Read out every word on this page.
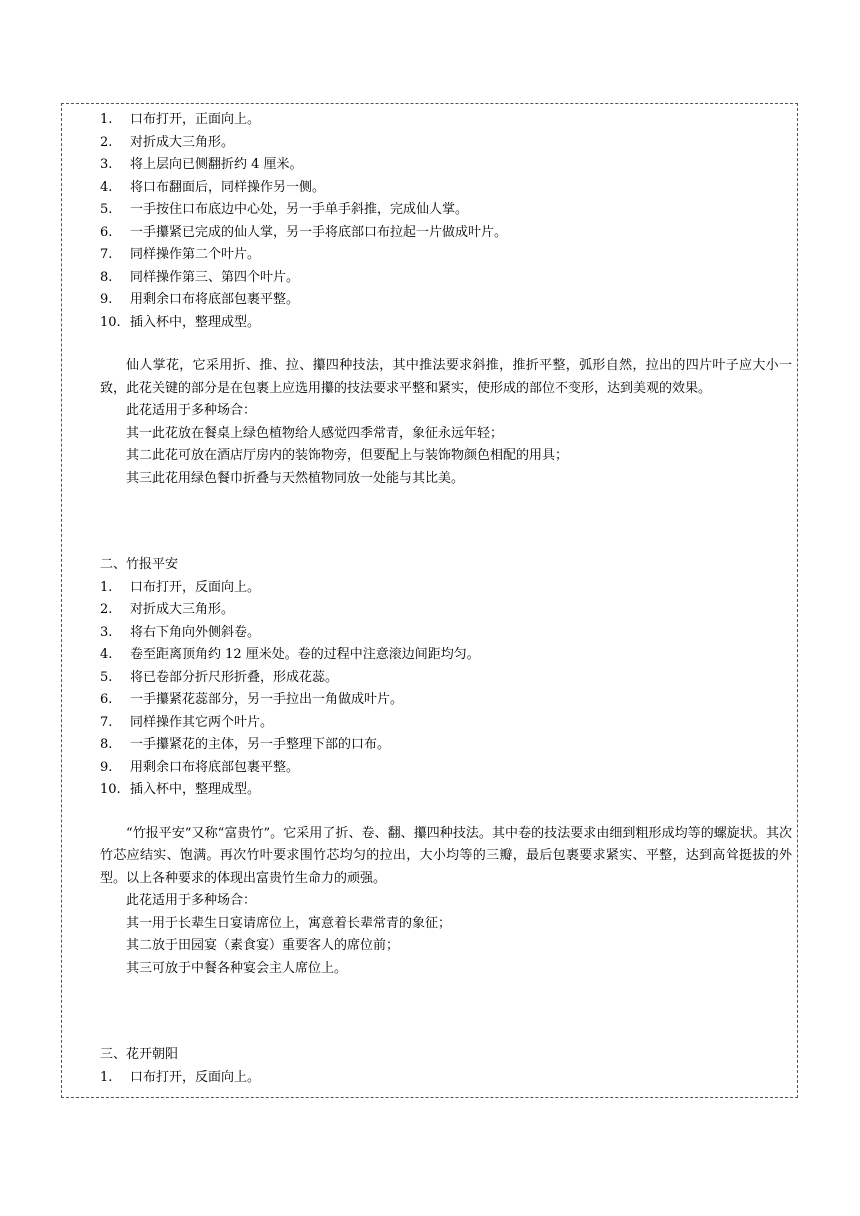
1.	口布打开，正面向上。
2.	对折成大三角形。
3.	将上层向已侧翻折约 4 厘米。
4.	将口布翻面后，同样操作另一侧。
5.	一手按住口布底边中心处，另一手单手斜推，完成仙人掌。
6.	一手攥紧已完成的仙人掌，另一手将底部口布拉起一片做成叶片。
7.	同样操作第二个叶片。
8.	同样操作第三、第四个叶片。
9.	用剩余口布将底部包裹平整。
10. 插入杯中，整理成型。

仙人掌花，它采用折、推、拉、攥四种技法，其中推法要求斜推，推折平整，弧形自然，拉出的四片叶子应大小一致，此花关键的部分是在包裹上应选用攥的技法要求平整和紧实，使形成的部位不变形，达到美观的效果。

此花适用于多种场合：

其一此花放在餐桌上绿色植物给人感觉四季常青，象征永远年轻；

其二此花可放在酒店厅房内的装饰物旁，但要配上与装饰物颜色相配的用具；

其三此花用绿色餐巾折叠与天然植物同放一处能与其比美。

二、竹报平安

1.	口布打开，反面向上。
2.	对折成大三角形。
3.	将右下角向外侧斜卷。
4.	卷至距离顶角约 12 厘米处。卷的过程中注意滚边间距均匀。
5.	将已卷部分折尺形折叠，形成花蕊。
6.	一手攥紧花蕊部分，另一手拉出一角做成叶片。
7.	同样操作其它两个叶片。
8.	一手攥紧花的主体，另一手整理下部的口布。
9.	用剩余口布将底部包裹平整。
10. 插入杯中，整理成型。

“竹报平安”又称“富贵竹”。它采用了折、卷、翻、攥四种技法。其中卷的技法要求由细到粗形成均等的螺旋状。其次竹芯应结实、饱满。再次竹叶要求围竹芯均匀的拉出，大小均等的三瓣，最后包裹要求紧实、平整，达到高耸挺拔的外型。以上各种要求的体现出富贵竹生命力的顽强。

此花适用于多种场合：

其一用于长辈生日宴请席位上，寓意着长辈常青的象征；

其二放于田园宴（素食宴）重要客人的席位前；

其三可放于中餐各种宴会主人席位上。

三、花开朝阳

1.	口布打开，反面向上。
